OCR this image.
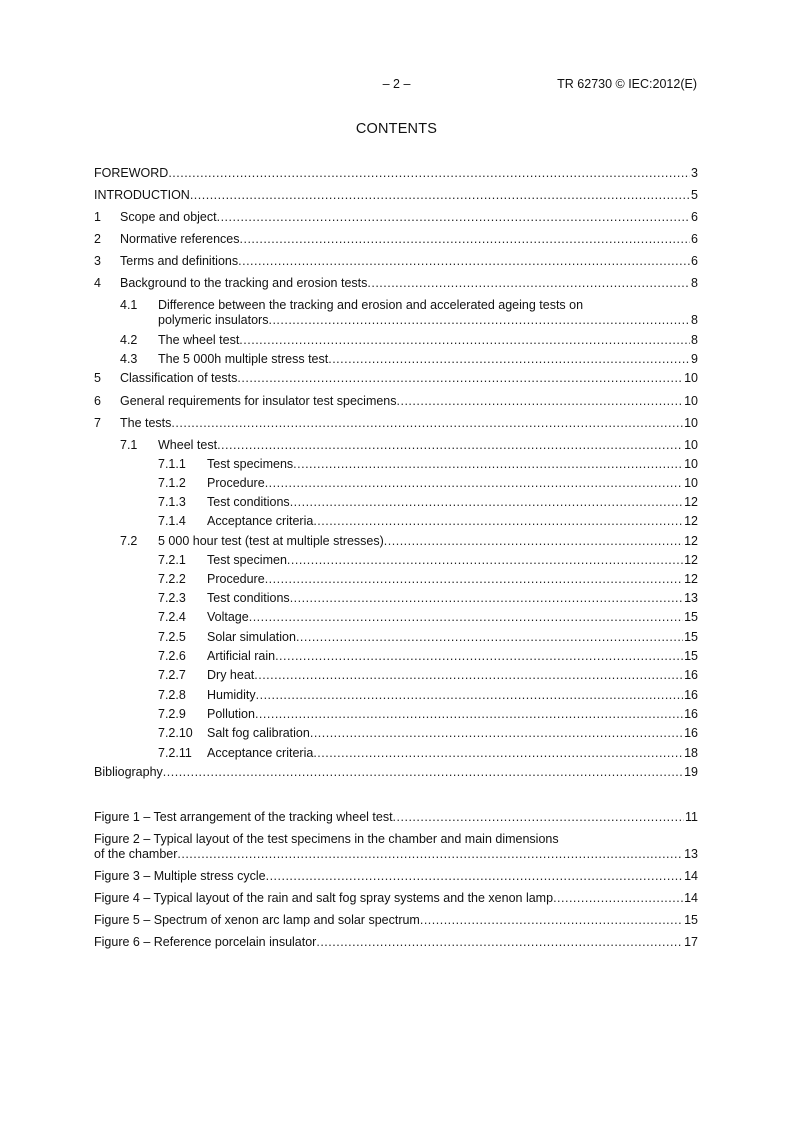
– 2 –	TR 62730 © IEC:2012(E)
CONTENTS
FOREWORD .....	3
INTRODUCTION .....	5
1 Scope and object .....	6
2 Normative references .....	6
3 Terms and definitions .....	6
4 Background to the tracking and erosion tests .....	8
4.1 Difference between the tracking and erosion and accelerated ageing tests on
polymeric insulators .....	8
4.2 The wheel test .....	8
4.3 The 5 000h multiple stress test .....	9
5 Classification of tests .....	10
6 General requirements for insulator test specimens .....	10
7 The tests .....	10
7.1 Wheel test .....	10
7.1.1 Test specimens .....	10
7.1.2 Procedure .....	10
7.1.3 Test conditions .....	12
7.1.4 Acceptance criteria .....	12
7.2 5 000 hour test (test at multiple stresses) .....	12
7.2.1 Test specimen .....	12
7.2.2 Procedure .....	12
7.2.3 Test conditions .....	13
7.2.4 Voltage .....	15
7.2.5 Solar simulation .....	15
7.2.6 Artificial rain .....	15
7.2.7 Dry heat .....	16
7.2.8 Humidity .....	16
7.2.9 Pollution .....	16
7.2.10 Salt fog calibration .....	16
7.2.11 Acceptance criteria .....	18
Bibliography .....	19
Figure 1 – Test arrangement of the tracking wheel test .....	11
Figure 2 – Typical layout of the test specimens in the chamber and main dimensions
of the chamber .....	13
Figure 3 – Multiple stress cycle .....	14
Figure 4 – Typical layout of the rain and salt fog spray systems and the xenon lamp .....	14
Figure 5 – Spectrum of xenon arc lamp and solar spectrum .....	15
Figure 6 – Reference porcelain insulator .....	17
